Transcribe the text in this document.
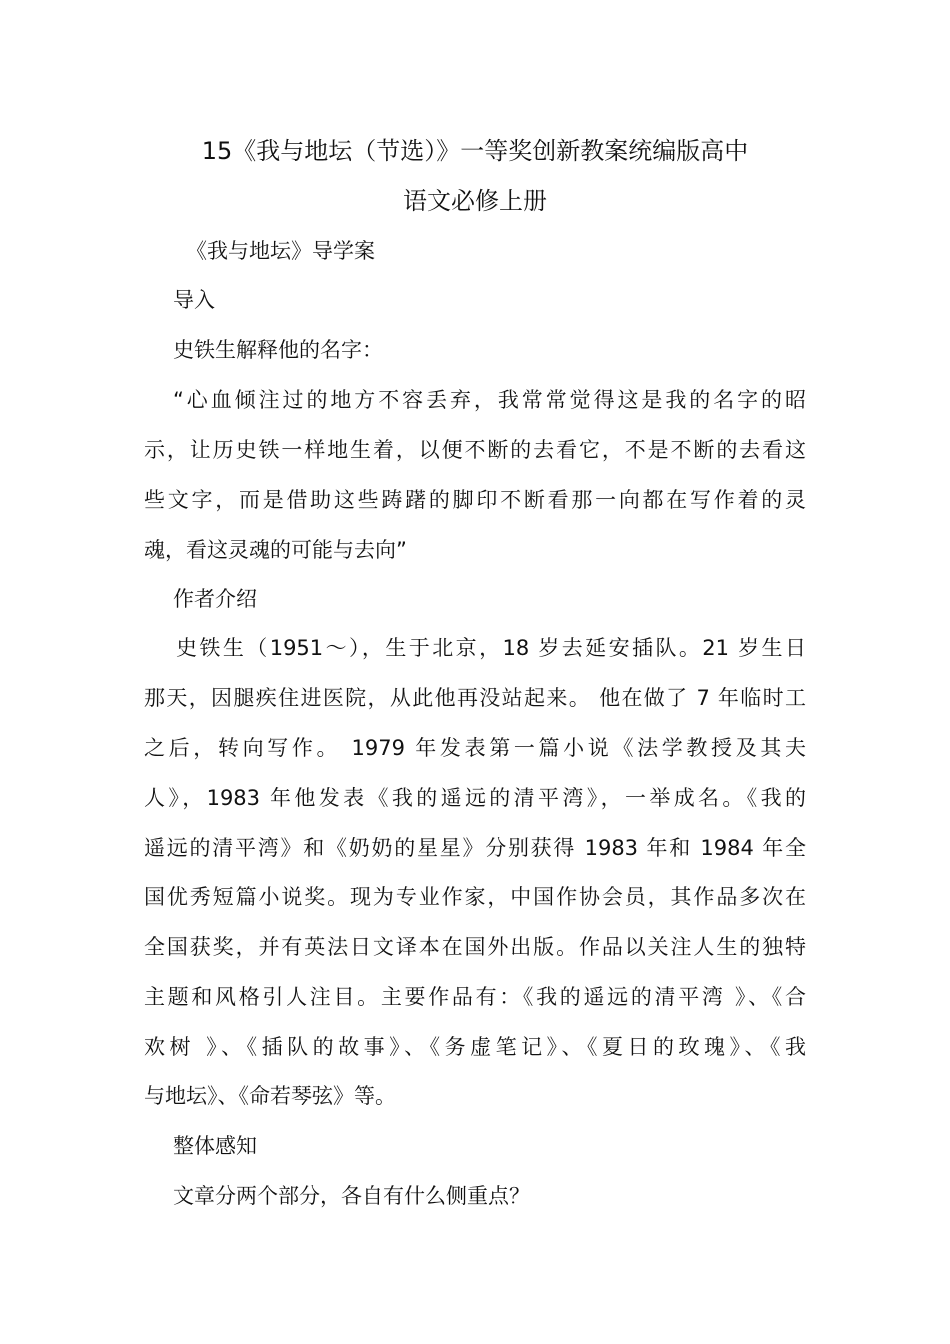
15《我与地坛（节选）》一等奖创新教案统编版高中
语文必修上册
《我与地坛》导学案
导入
史铁生解释他的名字：
“心血倾注过的地方不容丢弃，我常常觉得这是我的名字的昭
示，让历史铁一样地生着，以便不断的去看它，不是不断的去看这
些文字，而是借助这些踌躇的脚印不断看那一向都在写作着的灵
魂，看这灵魂的可能与去向”
作者介绍
史铁生（1951～），生于北京，18 岁去延安插队。21 岁生日
那天，因腿疾住进医院，从此他再没站起来。 他在做了 7 年临时工
之后，转向写作。 1979 年发表第一篇小说《法学教授及其夫
人》，1983 年他发表《我的遥远的清平湾》，一举成名。《我的
遥远的清平湾》和《奶奶的星星》分别获得 1983 年和 1984 年全
国优秀短篇小说奖。现为专业作家，中国作协会员，其作品多次在
全国获奖，并有英法日文译本在国外出版。作品以关注人生的独特
主题和风格引人注目。主要作品有：《我的遥远的清平湾 》、《合
欢树 》、《插队的故事》、《务虚笔记》、《夏日的玫瑰》、《我
与地坛》、《命若琴弦》等。
整体感知
文章分两个部分，各自有什么侧重点？
